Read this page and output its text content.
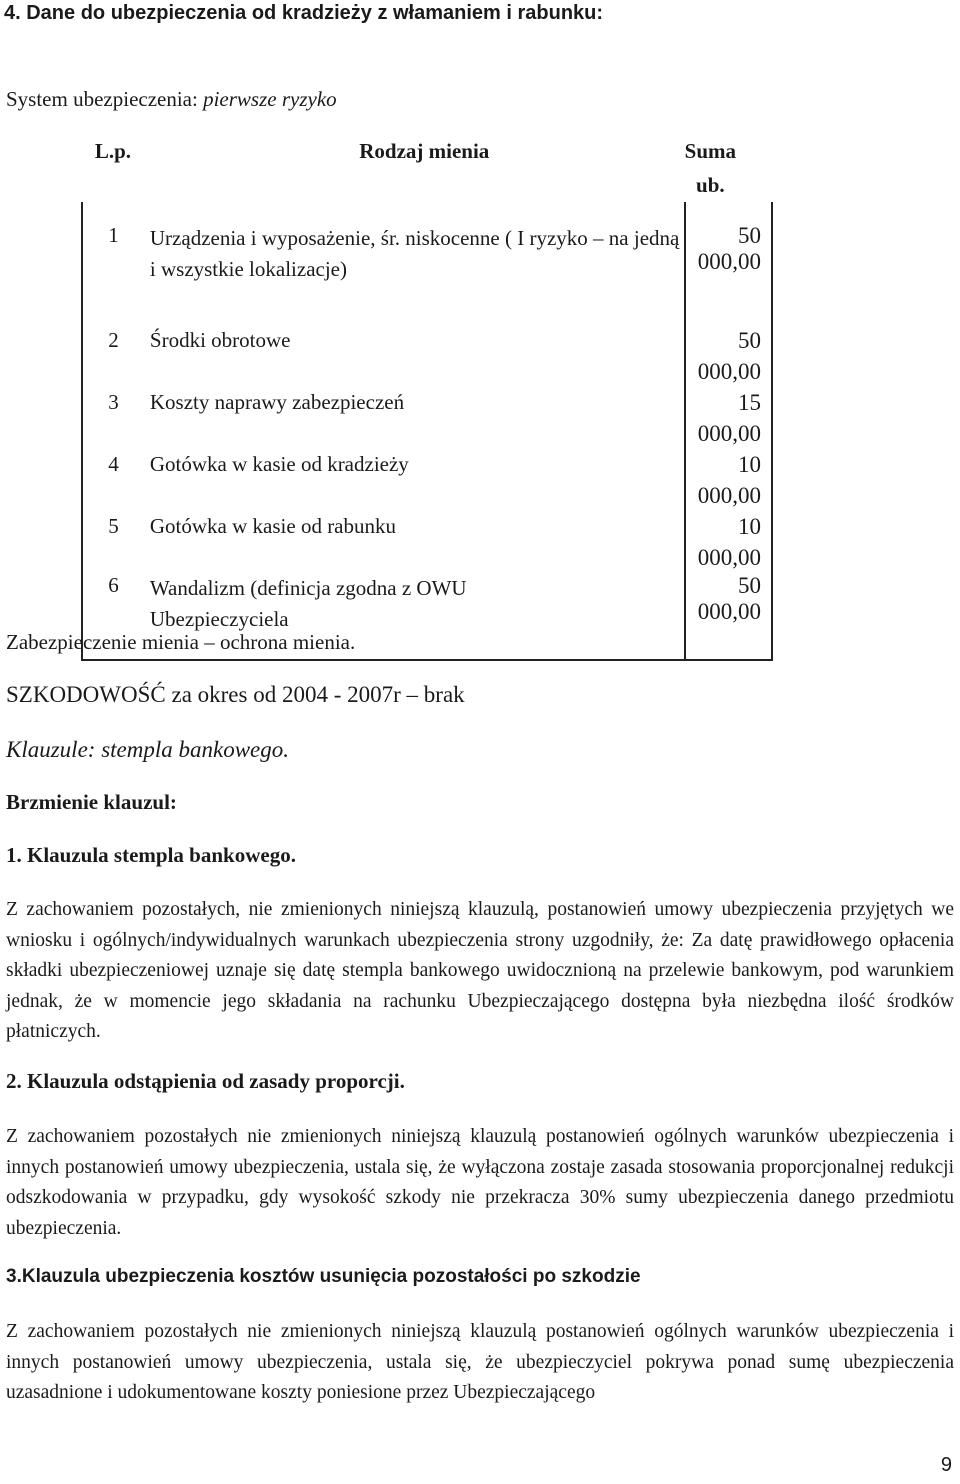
4. Dane do ubezpieczenia od kradzieży z włamaniem i rabunku:
System ubezpieczenia: pierwsze ryzyko
L.p.	Rodzaj mienia	Suma ub.
1	Urządzenia i wyposażenie, śr. niskocenne ( I ryzyko – na jedną i wszystkie lokalizacje)	50 000,00
2	Środki obrotowe	50 000,00
3	Koszty naprawy zabezpieczeń	15 000,00
4	Gotówka w kasie od kradzieży	10 000,00
5	Gotówka w kasie od rabunku	10 000,00
6	Wandalizm (definicja zgodna z OWU Ubezpieczyciela	50 000,00
Zabezpieczenie mienia – ochrona mienia.
SZKODOWOŚĆ za okres od 2004 - 2007r – brak
Klauzule: stempla bankowego.
Brzmienie klauzul:
1. Klauzula stempla bankowego.
Z zachowaniem pozostałych, nie zmienionych niniejszą klauzulą, postanowień umowy ubezpieczenia przyjętych we wniosku i ogólnych/indywidualnych warunkach ubezpieczenia strony uzgodniły, że: Za datę prawidłowego opłacenia składki ubezpieczeniowej uznaje się datę stempla bankowego uwidocznioną na przelewie bankowym, pod warunkiem jednak, że w momencie jego składania na rachunku Ubezpieczającego dostępna była niezbędna ilość środków płatniczych.
2. Klauzula odstąpienia od zasady proporcji.
Z zachowaniem pozostałych nie zmienionych niniejszą klauzulą postanowień ogólnych warunków ubezpieczenia i innych postanowień umowy ubezpieczenia, ustala się, że wyłączona zostaje zasada stosowania proporcjonalnej redukcji odszkodowania w przypadku, gdy wysokość szkody nie przekracza 30% sumy ubezpieczenia danego przedmiotu ubezpieczenia.
3.Klauzula ubezpieczenia kosztów usunięcia pozostałości po szkodzie
Z zachowaniem pozostałych nie zmienionych niniejszą klauzulą postanowień ogólnych warunków ubezpieczenia i innych postanowień umowy ubezpieczenia, ustala się, że ubezpieczyciel pokrywa ponad sumę ubezpieczenia uzasadnione i udokumentowane koszty poniesione przez Ubezpieczającego
9
